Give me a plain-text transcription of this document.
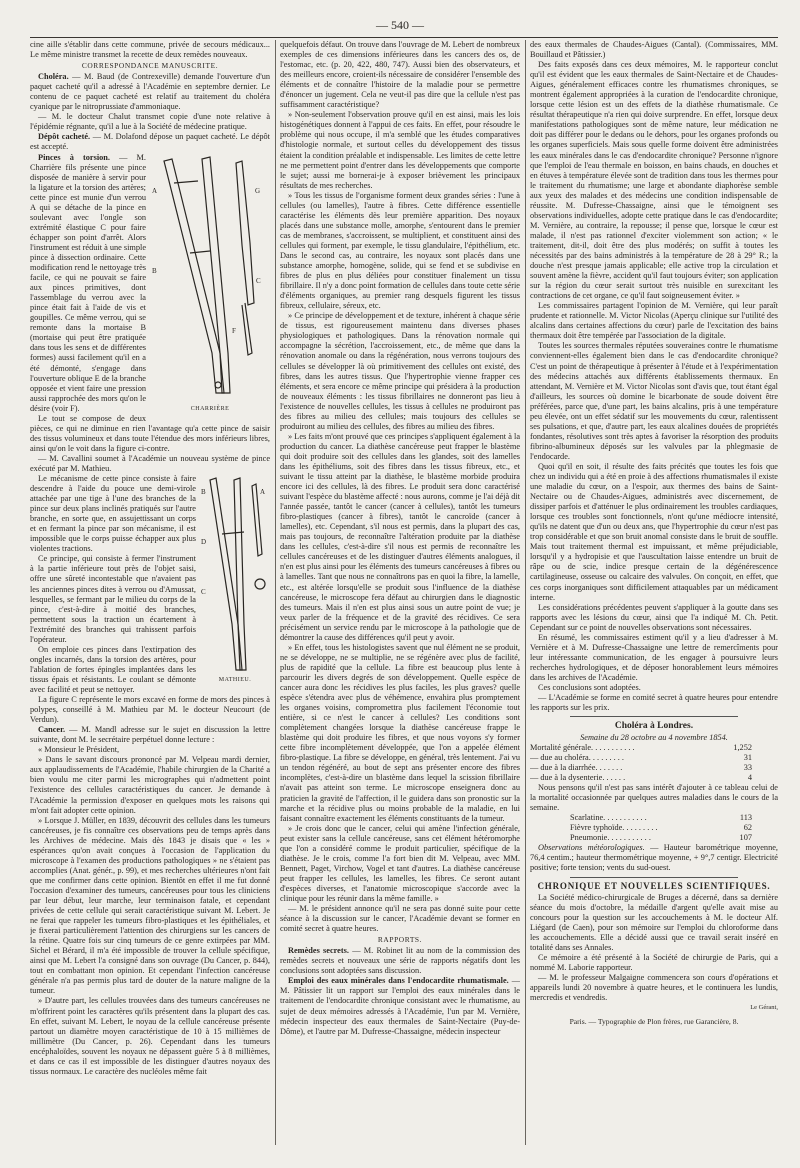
— 540 —

cine aille s'établir dans cette commune, privée de secours médicaux... Le même ministre transmet la recette de deux remèdes nouveaux.

CORRESPONDANCE MANUSCRITE.

Choléra. — M. Baud (de Contrexeville) demande l'ouverture d'un paquet cacheté qu'il a adressé à l'Académie en septembre dernier. Le contenu de ce paquet cacheté est relatif au traitement du choléra cyanique par le nitroprussiate d'ammoniaque.

— M. le docteur Chalut transmet copie d'une note relative à l'épidémie régnante, qu'il a lue à la Société de médecine pratique.

Dépôt cacheté. — M. Dolafond dépose un paquet cacheté. Le dépôt est accepté.

A
B
G
C
F
CHARRIÈRE

Pinces à torsion. — M. Charrière fils présente une pince disposée de manière à servir pour la ligature et la torsion des artères; cette pince est munie d'un verrou A qui se détache de la pince en soulevant avec l'ongle son extrémité élastique C pour faire échapper son point d'arrêt. Alors l'instrument est réduit à une simple pince à dissection ordinaire. Cette modification rend le nettoyage très facile, ce qui ne pouvait se faire aux pinces primitives, dont l'assemblage du verrou avec la pince était fait à l'aide de vis et goupilles. Ce même verrou, qui se remonte dans la mortaise B (mortaise qui peut être pratiquée dans tous les sens et de différentes formes) aussi facilement qu'il en a été démonté, s'engage dans l'ouverture oblique E de la branche opposée et vient faire une pression aussi rapprochée des mors qu'on le désire (voir F).

Le tout se compose de deux pièces, ce qui ne diminue en rien l'avantage qu'a cette pince de saisir des tissus volumineux et dans toute l'étendue des mors inférieurs libres, ainsi qu'on le voit dans la figure ci-contre.

— M. Cavallini soumet à l'Académie un nouveau système de pince exécuté par M. Mathieu.

B
D
C
A
MATHIEU.

Le mécanisme de cette pince consiste à faire descendre à l'aide du pouce une demi-virole attachée par une tige à l'une des branches de la pince sur deux plans inclinés pratiqués sur l'autre branche, en sorte que, en assujettissant un corps et en fermant la pince par son mécanisme, il est impossible que le corps puisse échapper aux plus violentes tractions.

Ce principe, qui consiste à fermer l'instrument à la partie inférieure tout près de l'objet saisi, offre une sûreté incontestable que n'avaient pas les anciennes pinces dites à verrou ou d'Amussat, lesquelles, se fermant par le milieu du corps de la pince, c'est-à-dire à moitié des branches, permettent sous la traction un écartement à l'extrémité des branches qui trahissent parfois l'opérateur.

On emploie ces pinces dans l'extirpation des ongles incarnés, dans la torsion des artères, pour l'ablation de fortes épingles implantées dans les tissus épais et résistants. Le coulant se démonte avec facilité et peut se nettoyer.

La figure C représente le mors excavé en forme de mors des pinces à polypes, conseillé à M. Mathieu par M. le docteur Neucourt (de Verdun).

Cancer. — M. Mandl adresse sur le sujet en discussion la lettre suivante, dont M. le secrétaire perpétuel donne lecture :

« Monsieur le Président,

» Dans le savant discours prononcé par M. Velpeau mardi dernier, aux applaudissements de l'Académie, l'habile chirurgien de la Charité a bien voulu me citer parmi les micrographes qui n'admettent point l'existence des cellules caractéristiques du cancer. Je demande à l'Académie la permission d'exposer en quelques mots les raisons qui m'ont fait adopter cette opinion.

» Lorsque J. Müller, en 1839, découvrit des cellules dans les tumeurs cancéreuses, je fis connaître ces observations peu de temps après dans les Archives de médecine. Mais dès 1843 je disais que « les » espérances qu'on avait conçues à l'occasion de l'application du microscope à l'examen des productions pathologiques » ne s'étaient pas accomplies (Anat. génér., p. 99), et mes recherches ultérieures n'ont fait que me confirmer dans cette opinion. Bientôt en effet il me fut donné l'occasion d'examiner des tumeurs, cancéreuses pour tous les cliniciens par leur début, leur marche, leur terminaison fatale, et cependant privées de cette cellule qui serait caractéristique suivant M. Lebert. Je ne ferai que rappeler les tumeurs fibro-plastiques et les épithéliales, et je fixerai particulièrement l'attention des chirurgiens sur les cancers de la rétine. Quatre fois sur cinq tumeurs de ce genre extirpées par MM. Sichel et Bérard, il m'a été impossible de trouver la cellule spécifique, ainsi que M. Lebert l'a consigné dans son ouvrage (Du Cancer, p. 844), tout en combattant mon opinion. Et cependant l'infection cancéreuse générale n'a pas permis plus tard de douter de la nature maligne de la tumeur.

» D'autre part, les cellules trouvées dans des tumeurs cancéreuses ne m'offrirent point les caractères qu'ils présentent dans la plupart des cas. En effet, suivant M. Lebert, le noyau de la cellule cancéreuse présente partout un diamètre moyen caractéristique de 10 à 15 millièmes de millimètre (Du Cancer, p. 26). Cependant dans les tumeurs encéphaloïdes, souvent les noyaux ne dépassent guère 5 à 8 millièmes, et dans ce cas il est impossible de les distinguer d'autres noyaux des tissus normaux. Le caractère des nucléoles même fait

quelquefois défaut. On trouve dans l'ouvrage de M. Lebert de nombreux exemples de ces dimensions inférieures dans les cancers des os, de l'estomac, etc. (p. 20, 422, 480, 747). Aussi bien des observateurs, et des meilleurs encore, croient-ils nécessaire de considérer l'ensemble des éléments et de connaître l'histoire de la maladie pour se permettre d'énoncer un jugement. Cela ne veut-il pas dire que la cellule n'est pas suffisamment caractéristique?

» Non-seulement l'observation prouve qu'il en est ainsi, mais les lois histogénétiques donnent à l'appui de ces faits. En effet, pour résoudre le problème qui nous occupe, il m'a semblé que les études comparatives d'histologie normale, et surtout celles du développement des tissus étaient la condition préalable et indispensable. Les limites de cette lettre ne me permettent point d'entrer dans les développements que comporte le sujet; aussi me bornerai-je à exposer brièvement les principaux résultats de mes recherches.

» Tous les tissus de l'organisme forment deux grandes séries : l'une à cellules (ou lamelles), l'autre à fibres. Cette différence essentielle caractérise les éléments dès leur première apparition. Des noyaux placés dans une substance molle, amorphe, s'entourent dans le premier cas de membranes, s'accroissent, se multiplient, et constituent ainsi des cellules qui forment, par exemple, le tissu glandulaire, l'épithélium, etc. Dans le second cas, au contraire, les noyaux sont placés dans une substance amorphe, homogène, solide, qui se fend et se subdivise en fibres de plus en plus déliées pour constituer finalement un tissu fibrillaire. Il n'y a donc point formation de cellules dans toute cette série d'éléments organiques, au premier rang desquels figurent les tissus fibreux, cellulaire, séreux, etc.

» Ce principe de développement et de texture, inhérent à chaque série de tissus, est rigoureusement maintenu dans diverses phases physiologiques et pathologiques. Dans la rénovation normale qui accompagne la sécrétion, l'accroissement, etc., de même que dans la rénovation anomale ou dans la régénération, nous verrons toujours des cellules se développer là où primitivement des cellules ont existé, des fibres, dans les autres tissus. Que l'hypertrophie vienne frapper ces éléments, et sera encore ce même principe qui présidera à la production de nouveaux éléments : les tissus fibrillaires ne donneront pas lieu à l'existence de nouvelles cellules, les tissus à cellules ne produiront pas des fibres au milieu des cellules; mais toujours des cellules se produiront au milieu des cellules, des fibres au milieu des fibres.

» Les faits m'ont prouvé que ces principes s'appliquent également à la production du cancer. La diathèse cancéreuse peut frapper le blastème qui doit produire soit des cellules dans les glandes, soit des lamelles dans les épithéliums, soit des fibres dans les tissus fibreux, etc., et suivant le tissu atteint par la diathèse, le blastème morbide produira encore ici des cellules, là des fibres. Le produit sera donc caractérisé suivant l'espèce du blastème affecté : nous aurons, comme je l'ai déjà dit l'année passée, tantôt le cancer (cancer à cellules), tantôt les tumeurs fibro-plastiques (cancer à fibres), tantôt le cancroïde (cancer à lamelles), etc. Cependant, s'il nous est permis, dans la plupart des cas, mais pas toujours, de reconnaître l'altération produite par la diathèse dans les cellules, c'est-à-dire s'il nous est permis de reconnaître les cellules cancéreuses et de les distinguer d'autres éléments analogues, il n'en est plus ainsi pour les éléments des tumeurs cancéreuses à fibres ou à lamelles. Tant que nous ne connaîtrons pas en quoi la fibre, la lamelle, etc., est altérée lorsqu'elle se produit sous l'influence de la diathèse cancéreuse, le microscope fera défaut au chirurgien dans le diagnostic des tumeurs. Mais il n'en est plus ainsi sous un autre point de vue; je veux parler de la fréquence et de la gravité des récidives. Ce sera précisément un service rendu par le microscope à la pathologie que de démontrer la cause des différences qu'il peut y avoir.

» En effet, tous les histologistes savent que nul élément ne se produit, ne se développe, ne se multiplie, ne se régénère avec plus de facilité, plus de rapidité que la cellule. La fibre est beaucoup plus lente à parcourir les divers degrés de son développement. Quelle espèce de cancer aura donc les récidives les plus faciles, les plus graves? quelle espèce s'étendra avec plus de véhémence, envahira plus promptement les organes voisins, compromettra plus facilement l'économie tout entière, si ce n'est le cancer à cellules? Les conditions sont complètement changées lorsque la diathèse cancéreuse frappe le blastème qui doit produire les fibres, et que nous voyons s'y former cette fibre incomplètement développée, que l'on a appelée élément fibro-plastique. La fibre se développe, en général, très lentement. J'ai vu un tendon régénéré, au bout de sept ans présenter encore des fibres incomplètes, c'est-à-dire un blastème dans lequel la scission fibrillaire n'avait pas atteint son terme. Le microscope enseignera donc au praticien la gravité de l'affection, il le guidera dans son pronostic sur la marche et la récidive plus ou moins probable de la maladie, en lui faisant connaître exactement les éléments constituants de la tumeur.

» Je crois donc que le cancer, celui qui amène l'infection générale, peut exister sans la cellule cancéreuse, sans cet élément hétéromorphe que l'on a considéré comme le produit particulier, spécifique de la diathèse. Je le crois, comme l'a fort bien dit M. Velpeau, avec MM. Bennett, Paget, Virchow, Vogel et tant d'autres. La diathèse cancéreuse peut frapper les cellules, les lamelles, les fibres. Ce seront autant d'espèces diverses, et l'anatomie microscopique s'accorde avec la clinique pour les réunir dans la même famille. »

— M. le président annonce qu'il ne sera pas donné suite pour cette séance à la discussion sur le cancer, l'Académie devant se former en comité secret à quatre heures.

RAPPORTS.

Remèdes secrets. — M. Robinet lit au nom de la commission des remèdes secrets et nouveaux une série de rapports négatifs dont les conclusions sont adoptées sans discussion.

Emploi des eaux minérales dans l'endocardite rhumatismale. — M. Pâtissier lit un rapport sur l'emploi des eaux minérales dans le traitement de l'endocardite chronique consistant avec le rhumatisme, au sujet de deux mémoires adressés à l'Académie, l'un par M. Vernière, médecin inspecteur des eaux thermales de Saint-Nectaire (Puy-de-Dôme), et l'autre par M. Dufresse-Chassaigne, médecin inspecteur

des eaux thermales de Chaudes-Aigues (Cantal). (Commissaires, MM. Bouillaud et Pâtissier.)

Des faits exposés dans ces deux mémoires, M. le rapporteur conclut qu'il est évident que les eaux thermales de Saint-Nectaire et de Chaudes-Aigues, généralement efficaces contre les rhumatismes chroniques, se montrent également appropriées à la curation de l'endocardite chronique, lorsque cette lésion est un des effets de la diathèse rhumatismale. Ce résultat thérapeutique n'a rien qui doive surprendre. En effet, lorsque deux manifestations pathologiques sont de même nature, leur médication ne doit pas différer pour le dedans ou le dehors, pour les organes profonds ou les organes superficiels. Mais sous quelle forme doivent être administrées les eaux minérales dans le cas d'endocardite chronique? Personne n'ignore que l'emploi de l'eau thermale en boisson, en bains chauds, en douches et en étuves à température élevée sont de tradition dans tous les thermes pour le traitement du rhumatisme; une large et abondante diaphorèse semble aux yeux des malades et des médecins une condition indispensable de réussite. M. Dufresse-Chassaigne, ainsi que le témoignent ses observations individuelles, adopte cette pratique dans le cas d'endocardite; M. Vernière, au contraire, la repousse; il pense que, lorsque le cœur est malade, il n'est pas rationnel d'exciter violemment son action; « le traitement, dit-il, doit être des plus modérés; on suffit à toutes les nécessités par des bains administrés à la température de 28 à 29° R.; la douche n'est presque jamais applicable; elle active trop la circulation et souvent amène la fièvre, accident qu'il faut toujours éviter; son application sur la région du cœur serait surtout très nuisible en surexcitant les contractions de cet organe, ce qu'il faut soigneusement éviter. »

Les commissaires partagent l'opinion de M. Vernière, qui leur paraît prudente et rationnelle. M. Victor Nicolas (Aperçu clinique sur l'utilité des alcalins dans certaines affections du cœur) parle de l'excitation des bains thermaux doit être tempérée par l'association de la digitale.

Toutes les sources thermales réputées souveraines contre le rhumatisme conviennent-elles également bien dans le cas d'endocardite chronique? C'est un point de thérapeutique à présenter à l'étude et à l'expérimentation des médecins attachés aux différents établissements thermaux. En attendant, M. Vernière et M. Victor Nicolas sont d'avis que, tout étant égal d'ailleurs, les sources où domine le bicarbonate de soude doivent être préférées, parce que, d'une part, les bains alcalins, pris à une température peu élevée, ont un effet sédatif sur les mouvements du cœur, ralentissent ses pulsations, et que, d'autre part, les eaux alcalines douées de propriétés fondantes, résolutives sont très aptes à favoriser la résorption des produits fibrino-albumineux déposés sur les valvules par la phlegmasie de l'endocarde.

Quoi qu'il en soit, il résulte des faits précités que toutes les fois que chez un individu qui a été en proie à des affections rhumatismales il existe une maladie du cœur, on a l'espoir, aux thermes des bains de Saint-Nectaire ou de Chaudes-Aigues, administrés avec discernement, de dissiper parfois et d'atténuer le plus ordinairement les troubles cardiaques, lorsque ces troubles sont fonctionnels, n'ont qu'une médiocre intensité, qu'ils ne datent que d'un ou deux ans, que l'hypertrophie du cœur n'est pas trop considérable et que son bruit anomal consiste dans le bruit de souffle. Mais tout traitement thermal est impuissant, et même préjudiciable, lorsqu'il y a hydropisie et que l'auscultation laisse entendre un bruit de râpe ou de scie, indice presque certain de la dégénérescence cartilagineuse, osseuse ou calcaire des valvules. On conçoit, en effet, que ces corps inorganiques sont difficilement attaquables par un médicament interne.

Les considérations précédentes peuvent s'appliquer à la goutte dans ses rapports avec les lésions du cœur, ainsi que l'a indiqué M. Ch. Petit. Cependant sur ce point de nouvelles observations sont nécessaires.

En résumé, les commissaires estiment qu'il y a lieu d'adresser à M. Vernière et à M. Dufresse-Chassaigne une lettre de remercîments pour leur intéressante communication, de les engager à poursuivre leurs recherches hydrologiques, et de déposer honorablement leurs mémoires dans les archives de l'Académie.

Ces conclusions sont adoptées.

— L'Académie se forme en comité secret à quatre heures pour entendre les rapports sur les prix.

Choléra à Londres.

Semaine du 28 octobre au 4 novembre 1854.

Mortalité générale. . . . . . . . . . .	1,252
— due au choléra. . . . . . . . .	31
— due à la diarrhée. . . . . . .	33
— due à la dysenterie. . . . . .	4

Nous pensons qu'il n'est pas sans intérêt d'ajouter à ce tableau celui de la mortalité occasionnée par quelques autres maladies dans le cours de la semaine.

Scarlatine. . . . . . . . . . .	113
Fièvre typhoïde. . . . . . . . .	62
Pneumonie. . . . . . . . . . .	107

Observations météorologiques. — Hauteur barométrique moyenne, 76,4 centim.; hauteur thermométrique moyenne, + 9°,7 centigr. Electricité positive; forte tension; vents du sud-ouest.

CHRONIQUE ET NOUVELLES SCIENTIFIQUES.

La Société médico-chirurgicale de Bruges a décerné, dans sa dernière séance du mois d'octobre, la médaille d'argent qu'elle avait mise au concours pour la question sur les accouchements à M. le docteur Alf. Liégard (de Caen), pour son mémoire sur l'emploi du chloroforme dans les accouchements. Elle a décidé aussi que ce travail serait inséré en totalité dans ses Annales.

Ce mémoire a été présenté à la Société de chirurgie de Paris, qui a nommé M. Laborie rapporteur.

— M. le professeur Malgaigne commencera son cours d'opérations et appareils lundi 20 novembre à quatre heures, et le continuera les lundis, mercredis et vendredis.

Le Gérant,
Paris. — Typographie de Plon frères, rue Garancière, 8.
